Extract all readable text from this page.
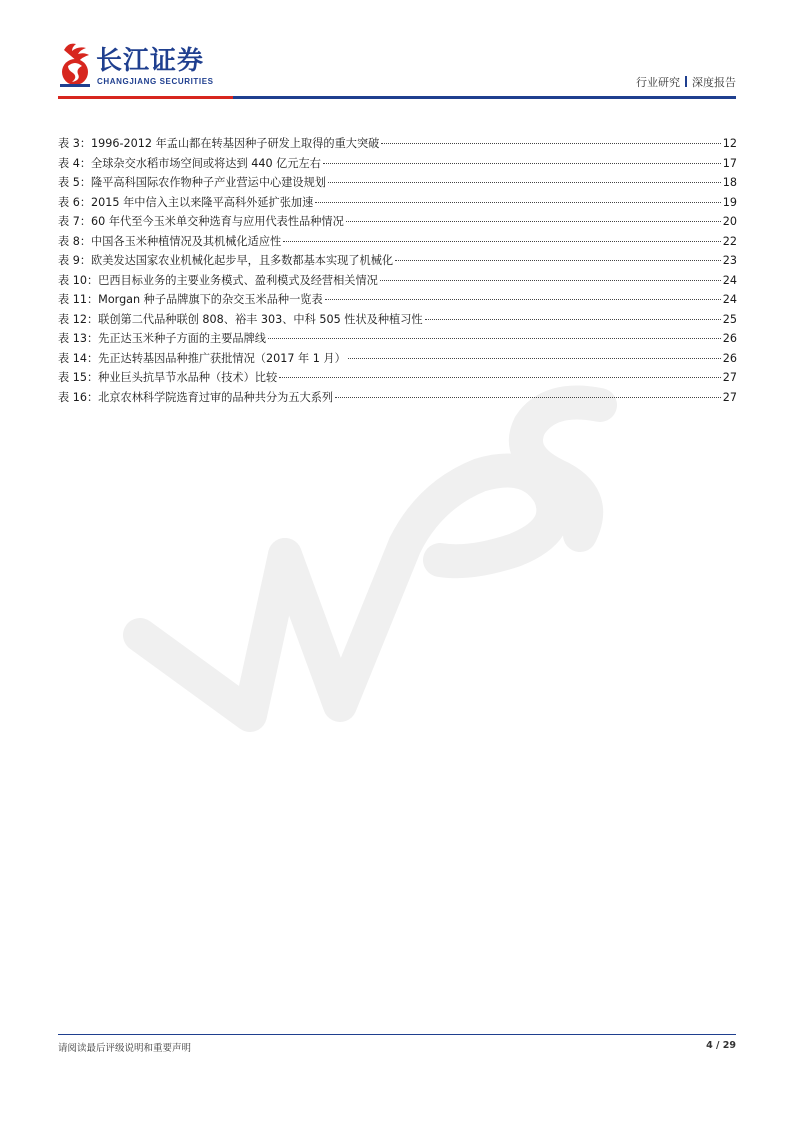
长江证券
CHANGJIANG SECURITIES	行业研究 深度报告
表 3：1996-2012 年孟山都在转基因种子研发上取得的重大突破	12
表 4：全球杂交水稻市场空间或将达到 440 亿元左右	17
表 5：隆平高科国际农作物种子产业营运中心建设规划	18
表 6：2015 年中信入主以来隆平高科外延扩张加速	19
表 7：60 年代至今玉米单交种选育与应用代表性品种情况	20
表 8：中国各玉米种植情况及其机械化适应性	22
表 9：欧美发达国家农业机械化起步早，且多数都基本实现了机械化	23
表 10：巴西目标业务的主要业务模式、盈利模式及经营相关情况	24
表 11：Morgan 种子品牌旗下的杂交玉米品种一览表	24
表 12：联创第二代品种联创 808、裕丰 303、中科 505 性状及种植习性	25
表 13：先正达玉米种子方面的主要品牌线	26
表 14：先正达转基因品种推广获批情况（2017 年 1 月）	26
表 15：种业巨头抗旱节水品种（技术）比较	27
表 16：北京农林科学院选育过审的品种共分为五大系列	27
请阅读最后评级说明和重要声明	4 / 29
